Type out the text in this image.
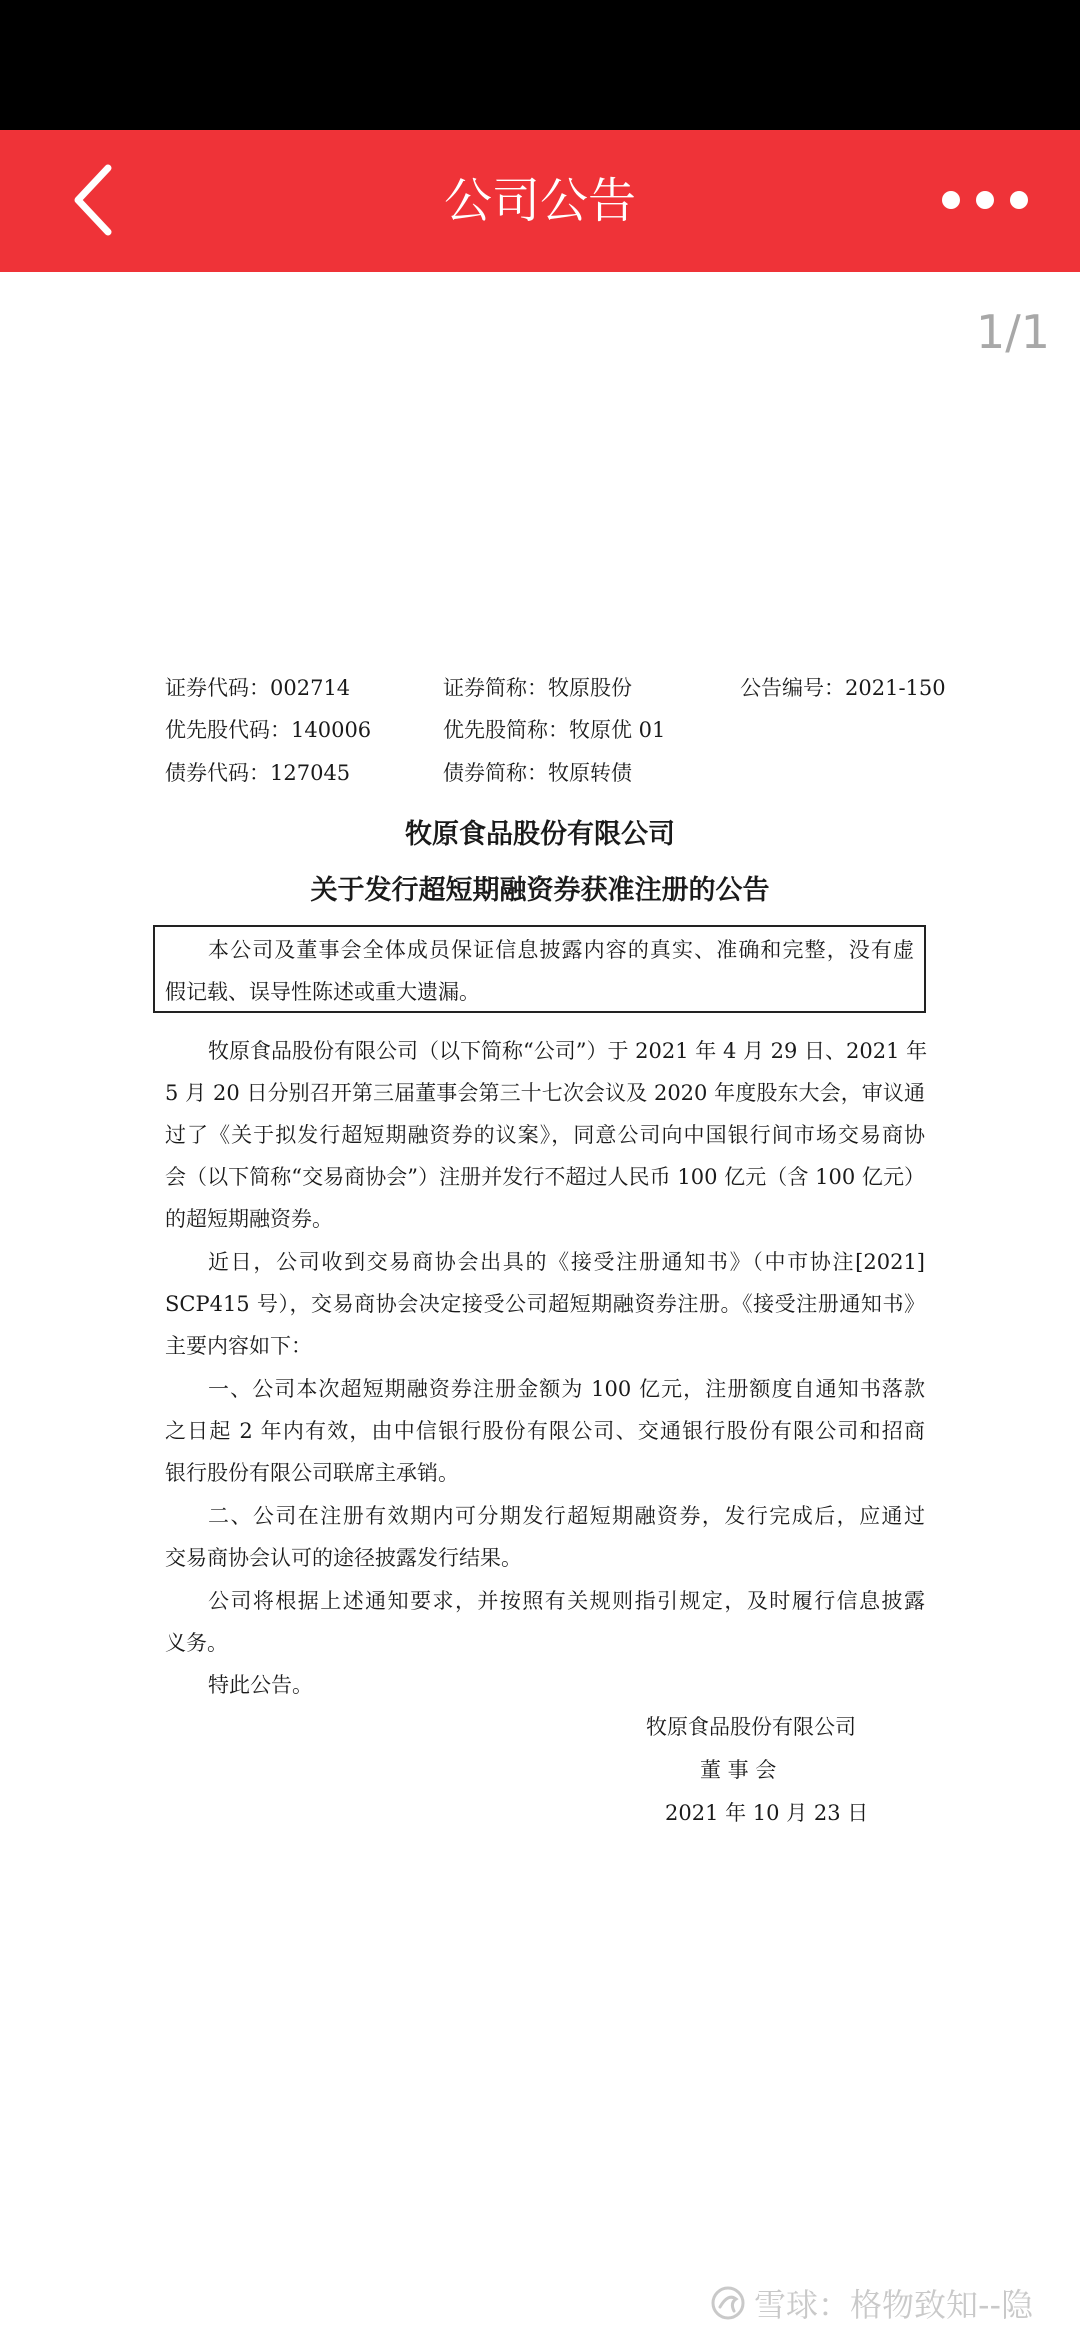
公司公告
1/1
证券代码：002714	证券简称：牧原股份	公告编号：2021-150
优先股代码：140006	优先股简称：牧原优 01
债券代码：127045	债券简称：牧原转债
牧原食品股份有限公司
关于发行超短期融资券获准注册的公告
本公司及董事会全体成员保证信息披露内容的真实、准确和完整，没有虚
假记载、误导性陈述或重大遗漏。
牧原食品股份有限公司（以下简称“公司”）于 2021 年 4 月 29 日、2021 年
5 月 20 日分别召开第三届董事会第三十七次会议及 2020 年度股东大会，审议通
过了《关于拟发行超短期融资券的议案》，同意公司向中国银行间市场交易商协
会（以下简称“交易商协会”）注册并发行不超过人民币 100 亿元（含 100 亿元）
的超短期融资券。
近日，公司收到交易商协会出具的《接受注册通知书》（中市协注[2021]
SCP415 号），交易商协会决定接受公司超短期融资券注册。《接受注册通知书》
主要内容如下：
一、公司本次超短期融资券注册金额为 100 亿元，注册额度自通知书落款
之日起 2 年内有效，由中信银行股份有限公司、交通银行股份有限公司和招商
银行股份有限公司联席主承销。
二、公司在注册有效期内可分期发行超短期融资券，发行完成后，应通过
交易商协会认可的途径披露发行结果。
公司将根据上述通知要求，并按照有关规则指引规定，及时履行信息披露
义务。
特此公告。
牧原食品股份有限公司
董 事 会
2021 年 10 月 23 日
雪球：格物致知--隐
